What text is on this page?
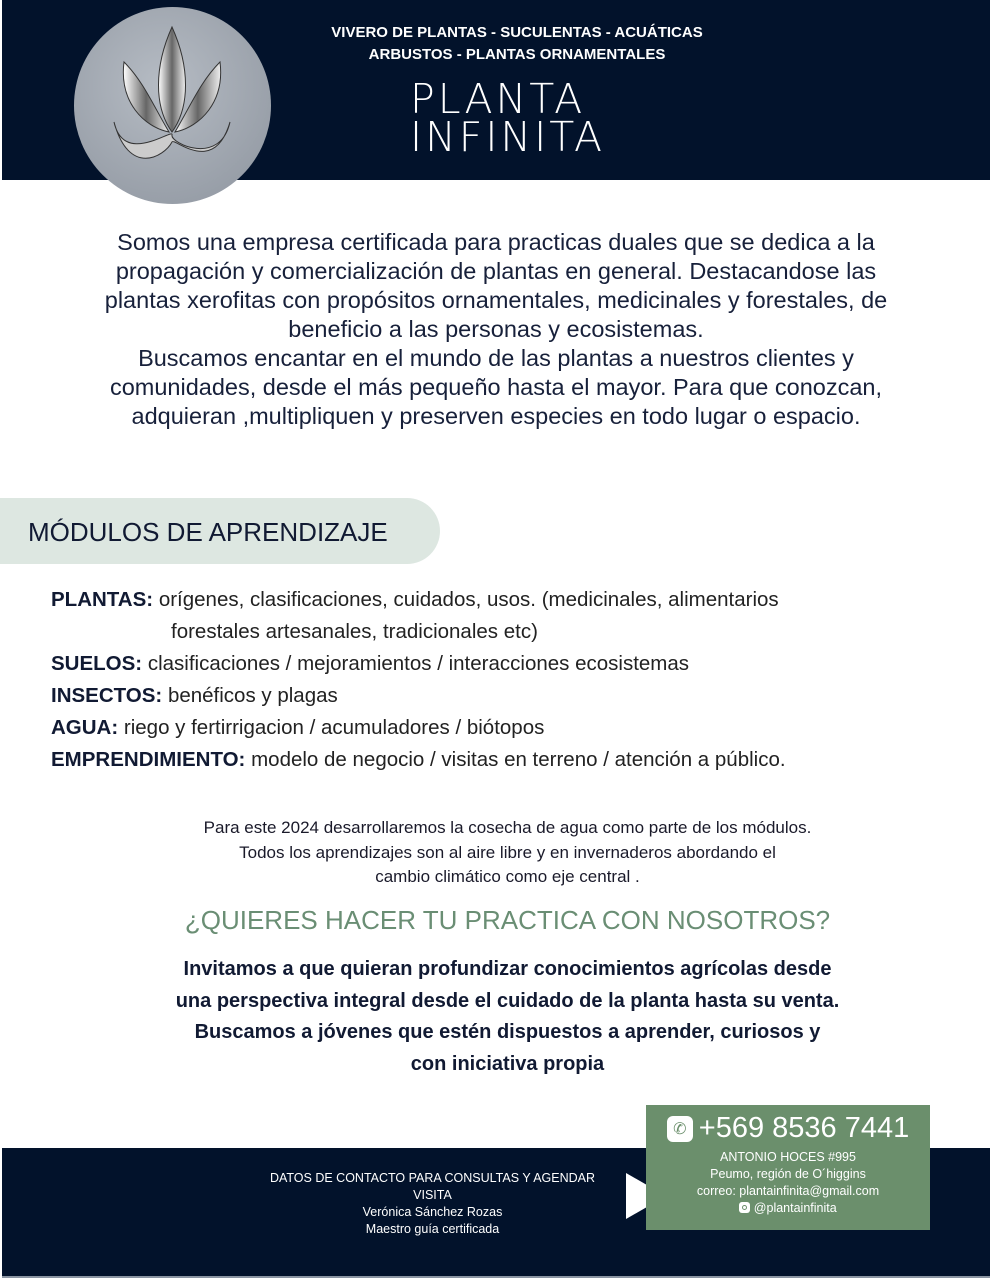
VIVERO DE PLANTAS - SUCULENTAS - ACUÁTICAS
ARBUSTOS - PLANTAS ORNAMENTALES
PLANTA
INFINITA
Somos una empresa certificada para practicas duales que se dedica a la
propagación y comercialización de plantas en general. Destacandose las
plantas xerofitas con propósitos ornamentales, medicinales y forestales, de
beneficio a las personas y ecosistemas.
Buscamos encantar en el mundo de las plantas a nuestros clientes y
comunidades, desde el más pequeño hasta el mayor. Para que conozcan,
adquieran ,multipliquen y preserven especies en todo lugar o espacio.
MÓDULOS DE APRENDIZAJE
PLANTAS: orígenes, clasificaciones, cuidados, usos. (medicinales, alimentarios
forestales artesanales, tradicionales etc)
SUELOS: clasificaciones / mejoramientos / interacciones ecosistemas
INSECTOS: benéficos y plagas
AGUA: riego y fertirrigacion / acumuladores / biótopos
EMPRENDIMIENTO: modelo de negocio / visitas en terreno / atención a público.
Para este 2024 desarrollaremos la cosecha de agua como parte de los módulos.
Todos los aprendizajes son al aire libre y en invernaderos abordando el
cambio climático como eje central .
¿QUIERES HACER TU PRACTICA CON NOSOTROS?
Invitamos a que quieran profundizar conocimientos agrícolas desde
una perspectiva integral desde el cuidado de la planta hasta su venta.
Buscamos a jóvenes que estén dispuestos a aprender, curiosos y
con iniciativa propia
DATOS DE CONTACTO PARA CONSULTAS Y AGENDAR VISITA
Verónica Sánchez Rozas
Maestro guía certificada
✆ +569 8536 7441
ANTONIO HOCES #995
Peumo, región de O´higgins
correo: plantainfinita@gmail.com
@plantainfinita
